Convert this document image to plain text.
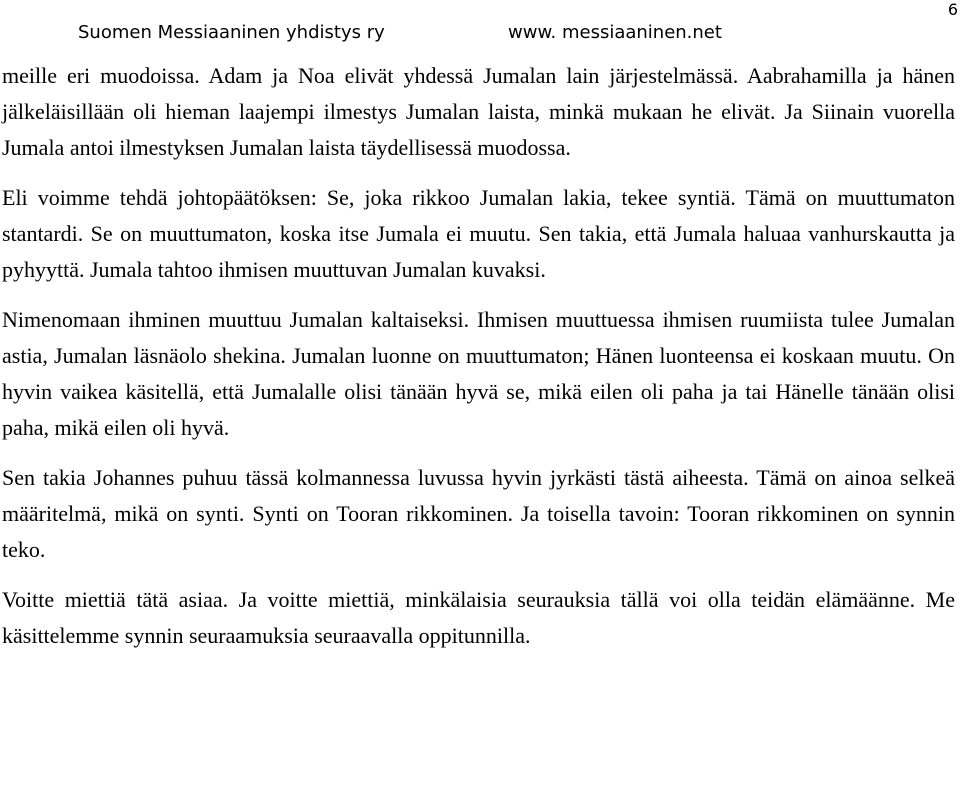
6
Suomen Messiaaninen yhdistys ry	www. messiaaninen.net

meille eri muodoissa. Adam ja Noa elivät yhdessä Jumalan lain järjestelmässä. Aabrahamilla ja hänen jälkeläisillään oli hieman laajempi ilmestys Jumalan laista, minkä mukaan he elivät. Ja Siinain vuorella Jumala antoi ilmestyksen Jumalan laista täydellisessä muodossa.

Eli voimme tehdä johtopäätöksen: Se, joka rikkoo Jumalan lakia, tekee syntiä. Tämä on muuttumaton stantardi. Se on muuttumaton, koska itse Jumala ei muutu. Sen takia, että Jumala haluaa vanhurskautta ja pyhyyttä. Jumala tahtoo ihmisen muuttuvan Jumalan kuvaksi.

Nimenomaan ihminen muuttuu Jumalan kaltaiseksi. Ihmisen muuttuessa ihmisen ruumiista tulee Jumalan astia, Jumalan läsnäolo shekina. Jumalan luonne on muuttumaton; Hänen luonteensa ei koskaan muutu. On hyvin vaikea käsitellä, että Jumalalle olisi tänään hyvä se, mikä eilen oli paha ja tai Hänelle tänään olisi paha, mikä eilen oli hyvä.

Sen takia Johannes puhuu tässä kolmannessa luvussa hyvin jyrkästi tästä aiheesta. Tämä on ainoa selkeä määritelmä, mikä on synti. Synti on Tooran rikkominen. Ja toisella tavoin: Tooran rikkominen on synnin teko.

Voitte miettiä tätä asiaa. Ja voitte miettiä, minkälaisia seurauksia tällä voi olla teidän elämäänne. Me käsittelemme synnin seuraamuksia seuraavalla oppitunnilla.
